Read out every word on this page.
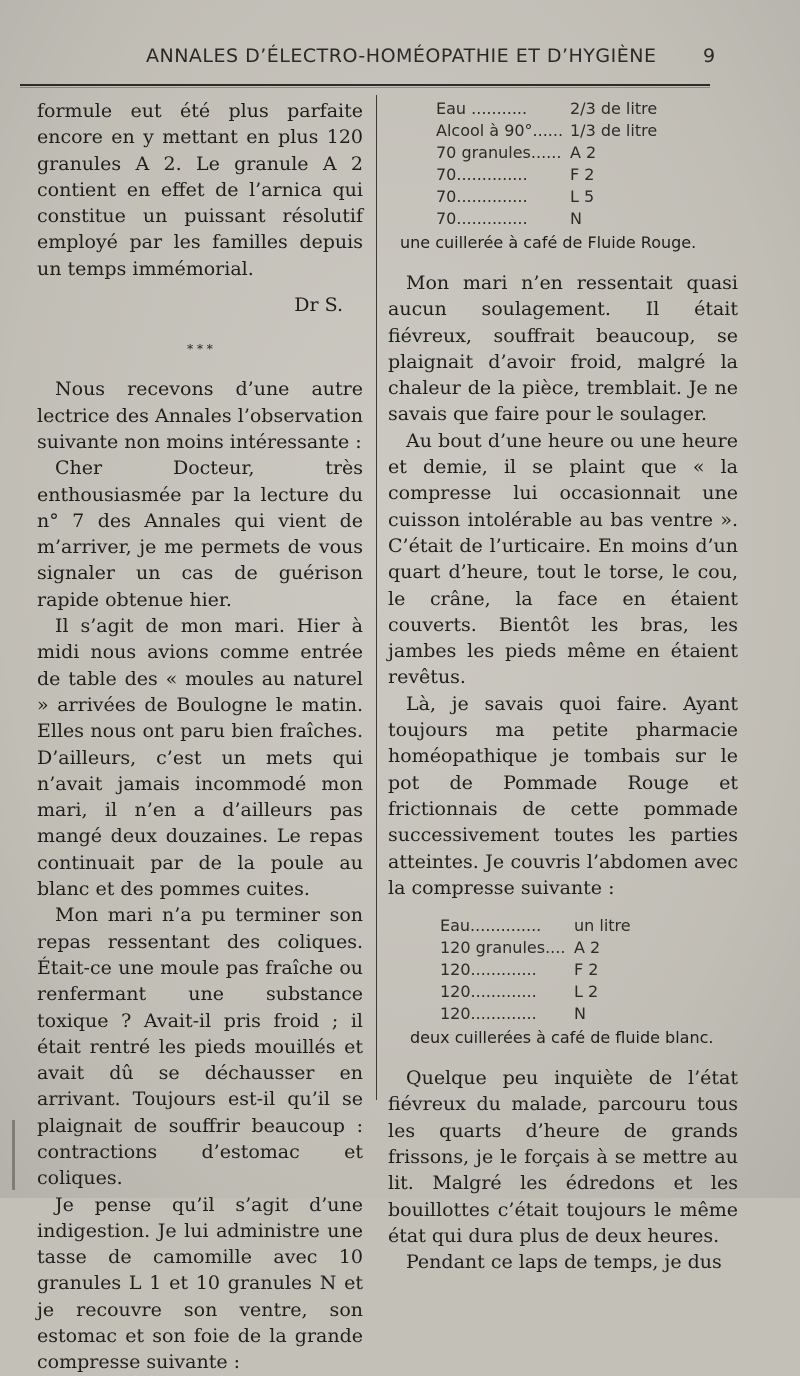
ANNALES D’ÉLECTRO-HOMÉOPATHIE ET D’HYGIÈNE 9

formule eut été plus parfaite encore en y mettant en plus 120 granules A 2. Le granule A 2 contient en effet de l’arnica qui constitue un puissant résolutif employé par les familles depuis un temps immémorial.

Dr S.

* * *

Nous recevons d’une autre lectrice des Annales l’observation suivante non moins intéressante :

Cher Docteur, très enthousiasmée par la lecture du n° 7 des Annales qui vient de m’arriver, je me permets de vous signaler un cas de guérison rapide obtenue hier.

Il s’agit de mon mari. Hier à midi nous avions comme entrée de table des « moules au naturel » arrivées de Boulogne le matin. Elles nous ont paru bien fraîches. D’ailleurs, c’est un mets qui n’avait jamais incommodé mon mari, il n’en a d’ailleurs pas mangé deux douzaines. Le repas continuait par de la poule au blanc et des pommes cuites.

Mon mari n’a pu terminer son repas ressentant des coliques. Était-ce une moule pas fraîche ou renfermant une substance toxique ? Avait-il pris froid ; il était rentré les pieds mouillés et avait dû se déchausser en arrivant. Toujours est-il qu’il se plaignait de souffrir beaucoup : contractions d’estomac et coliques.

Je pense qu’il s’agit d’une indigestion. Je lui administre une tasse de camomille avec 10 granules L 1 et 10 granules N et je recouvre son ventre, son estomac et son foie de la grande compresse suivante :

Eau ...........	2/3 de litre
Alcool à 90°...... 1/3 de litre
70 granules...... A 2
70..............	F 2
70..............	L 5
70..............	N

une cuillerée à café de Fluide Rouge.

Mon mari n’en ressentait quasi aucun soulagement. Il était fiévreux, souffrait beaucoup, se plaignait d’avoir froid, malgré la chaleur de la pièce, tremblait. Je ne savais que faire pour le soulager.

Au bout d’une heure ou une heure et demie, il se plaint que « la compresse lui occasionnait une cuisson intolérable au bas ventre ». C’était de l’urticaire. En moins d’un quart d’heure, tout le torse, le cou, le crâne, la face en étaient couverts. Bientôt les bras, les jambes les pieds même en étaient revêtus.

Là, je savais quoi faire. Ayant toujours ma petite pharmacie homéopathique je tombais sur le pot de Pommade Rouge et frictionnais de cette pommade successivement toutes les parties atteintes. Je couvris l’abdomen avec la compresse suivante :

Eau..............	un litre
120 granules.... A 2
120.............	F 2
120.............	L 2
120.............	N

deux cuillerées à café de fluide blanc.

Quelque peu inquiète de l’état fiévreux du malade, parcouru tous les quarts d’heure de grands frissons, je le forçais à se mettre au lit. Malgré les édredons et les bouillottes c’était toujours le même état qui dura plus de deux heures.

Pendant ce laps de temps, je dus
